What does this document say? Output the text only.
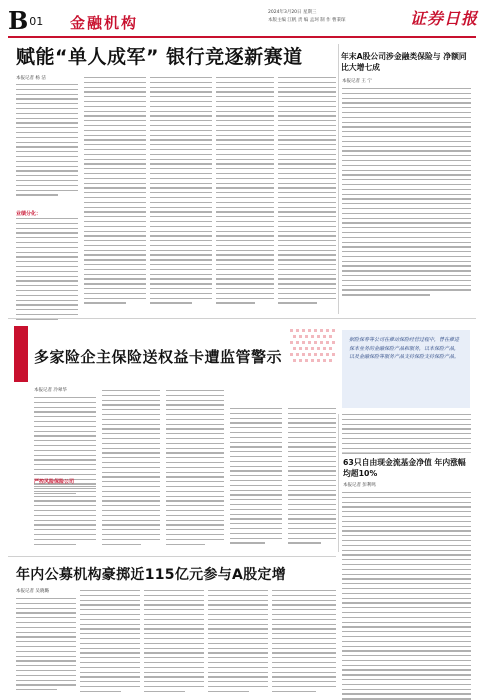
B01 金融机构
2024年3月20日 星期三
本版主编 江帆 责 编 孟珂 制 作 曹秉琛	证券日报
赋能“单人成军” 银行竞逐新赛道
本报记者 杨 洁
业绩分化：
年末A股公司涉金融类保险与 净额同比大增七成
本报记者 王 宁
多家险企主保险送权益卡遭监管警示
本报记者 冷翠华

据险保券等公司在推动保险经营过程中，曾在推进保本业务的金融保险产品和服务，以本保险产品，以及金融保险等服务产品支持保险支持保险产品。

严控风险保险公司
63只自由现金流基金净值 年内涨幅均超10%
本报记者 彭利鸣
年内公募机构豪掷近115亿元参与A股定增
本报记者 吴晓璐
